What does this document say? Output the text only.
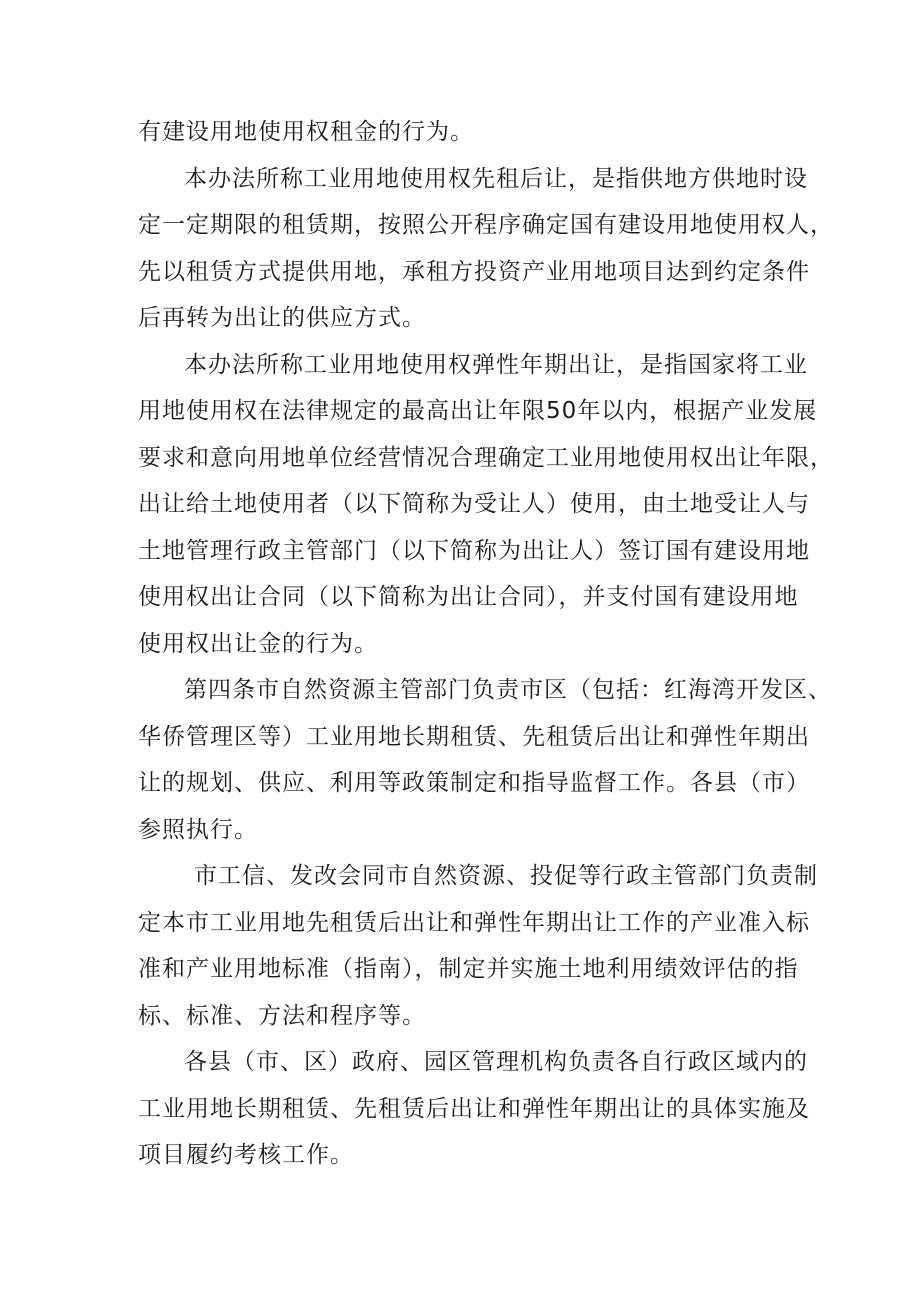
有建设用地使用权租金的行为。
本办法所称工业用地使用权先租后让，是指供地方供地时设
定一定期限的租赁期，按照公开程序确定国有建设用地使用权人，
先以租赁方式提供用地，承租方投资产业用地项目达到约定条件
后再转为出让的供应方式。
本办法所称工业用地使用权弹性年期出让，是指国家将工业
用地使用权在法律规定的最高出让年限50年以内，根据产业发展
要求和意向用地单位经营情况合理确定工业用地使用权出让年限，
出让给土地使用者（以下简称为受让人）使用，由土地受让人与
土地管理行政主管部门（以下简称为出让人）签订国有建设用地
使用权出让合同（以下简称为出让合同），并支付国有建设用地
使用权出让金的行为。
第四条市自然资源主管部门负责市区（包括：红海湾开发区、
华侨管理区等）工业用地长期租赁、先租赁后出让和弹性年期出
让的规划、供应、利用等政策制定和指导监督工作。各县（市）
参照执行。
市工信、发改会同市自然资源、投促等行政主管部门负责制
定本市工业用地先租赁后出让和弹性年期出让工作的产业准入标
准和产业用地标准（指南），制定并实施土地利用绩效评估的指
标、标准、方法和程序等。
各县（市、区）政府、园区管理机构负责各自行政区域内的
工业用地长期租赁、先租赁后出让和弹性年期出让的具体实施及
项目履约考核工作。
